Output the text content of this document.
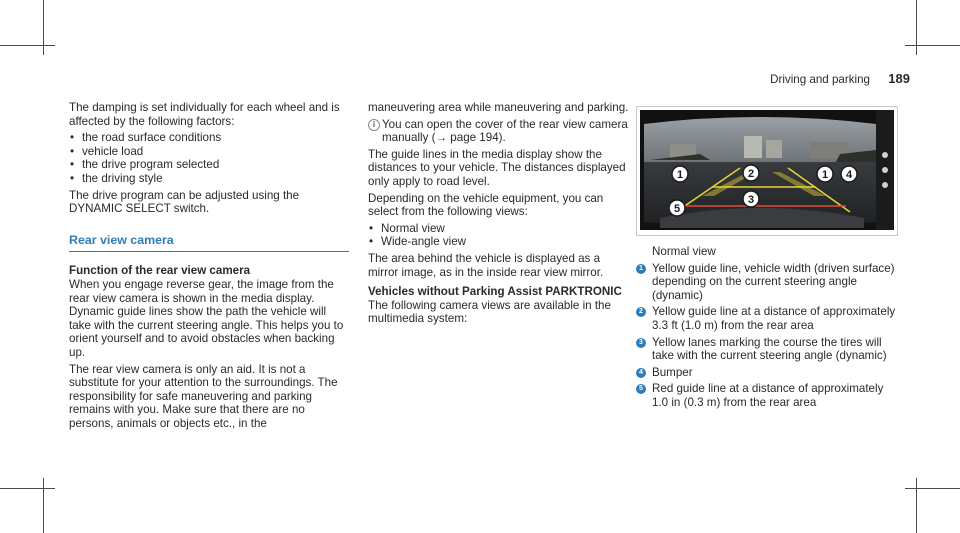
Driving and parking 189

The damping is set individually for each wheel and is affected by the following factors:

• the road surface conditions
• vehicle load
• the drive program selected
• the driving style

The drive program can be adjusted using the DYNAMIC SELECT switch.

Rear view camera
Function of the rear view camera

When you engage reverse gear, the image from the rear view camera is shown in the media display. Dynamic guide lines show the path the vehicle will take with the current steering angle. This helps you to orient yourself and to avoid obstacles when backing up.

The rear view camera is only an aid. It is not a substitute for your attention to the surroundings. The responsibility for safe maneuvering and parking remains with you. Make sure that there are no persons, animals or objects etc., in the

maneuvering area while maneuvering and parking.

i You can open the cover of the rear view camera manually (→ page 194).

The guide lines in the media display show the distances to your vehicle. The distances displayed only apply to road level.

Depending on the vehicle equipment, you can select from the following views:

• Normal view
• Wide-angle view

The area behind the vehicle is displayed as a mirror image, as in the inside rear view mirror.

Vehicles without Parking Assist PARKTRONIC

The following camera views are available in the multimedia system:

1	2
3
1 4
5

Normal view

1 Yellow guide line, vehicle width (driven surface) depending on the current steering angle (dynamic)

2 Yellow guide line at a distance of approximately 3.3 ft (1.0 m) from the rear area

3 Yellow lanes marking the course the tires will take with the current steering angle (dynamic)

4 Bumper

5 Red guide line at a distance of approximately 1.0 in (0.3 m) from the rear area
